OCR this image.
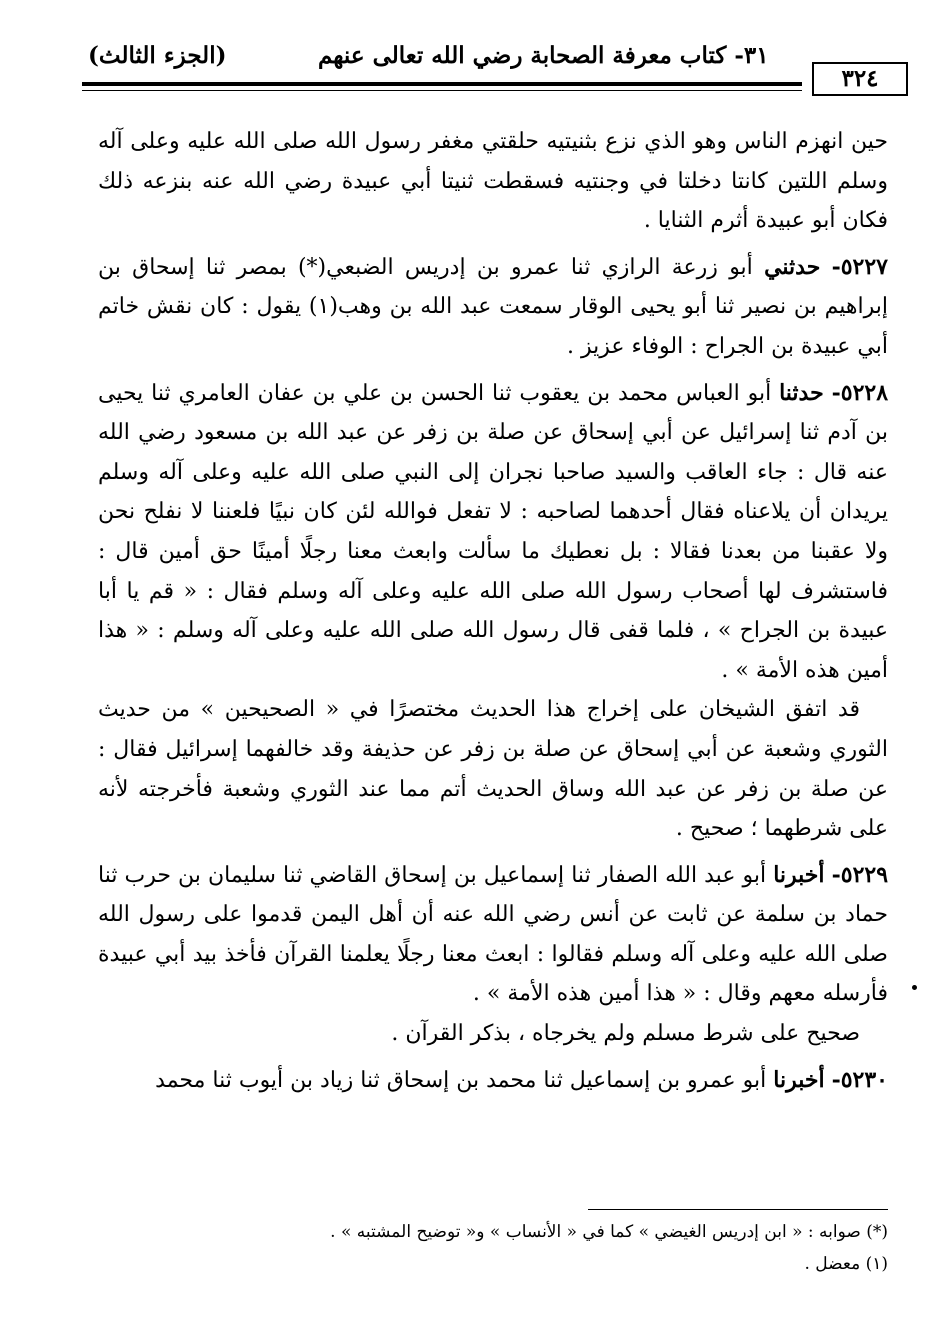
(الجزء الثالث)	٣١- كتاب معرفة الصحابة رضي الله تعالى عنهم
٣٢٤

حين انهزم الناس وهو الذي نزع بثنيتيه حلقتي مغفر رسول الله صلى الله عليه وعلى آله وسلم اللتين كانتا دخلتا في وجنتيه فسقطت ثنيتا أبي عبيدة رضي الله عنه بنزعه ذلك فكان أبو عبيدة أثرم الثنايا .

٥٢٢٧- حدثني أبو زرعة الرازي ثنا عمرو بن إدريس الضبعي(*) بمصر ثنا إسحاق بن إبراهيم بن نصير ثنا أبو يحيى الوقار سمعت عبد الله بن وهب(١) يقول : كان نقش خاتم أبي عبيدة بن الجراح : الوفاء عزيز .

٥٢٢٨- حدثنا أبو العباس محمد بن يعقوب ثنا الحسن بن علي بن عفان العامري ثنا يحيى بن آدم ثنا إسرائيل عن أبي إسحاق عن صلة بن زفر عن عبد الله بن مسعود رضي الله عنه قال : جاء العاقب والسيد صاحبا نجران إلى النبي صلى الله عليه وعلى آله وسلم يريدان أن يلاعناه فقال أحدهما لصاحبه : لا تفعل فوالله لئن كان نبيًا فلعننا لا نفلح نحن ولا عقبنا من بعدنا فقالا : بل نعطيك ما سألت وابعث معنا رجلًا أمينًا حق أمين قال : فاستشرف لها أصحاب رسول الله صلى الله عليه وعلى آله وسلم فقال : « قم يا أبا عبيدة بن الجراح » ، فلما قفى قال رسول الله صلى الله عليه وعلى آله وسلم : « هذا أمين هذه الأمة » .

قد اتفق الشيخان على إخراج هذا الحديث مختصرًا في « الصحيحين » من حديث الثوري وشعبة عن أبي إسحاق عن صلة بن زفر عن حذيفة وقد خالفهما إسرائيل فقال : عن صلة بن زفر عن عبد الله وساق الحديث أتم مما عند الثوري وشعبة فأخرجته لأنه على شرطهما ؛ صحيح .

٥٢٢٩- أخبرنا أبو عبد الله الصفار ثنا إسماعيل بن إسحاق القاضي ثنا سليمان بن حرب ثنا حماد بن سلمة عن ثابت عن أنس رضي الله عنه أن أهل اليمن قدموا على رسول الله صلى الله عليه وعلى آله وسلم فقالوا : ابعث معنا رجلًا يعلمنا القرآن فأخذ بيد أبي عبيدة فأرسله معهم وقال : « هذا أمين هذه الأمة » .

صحيح على شرط مسلم ولم يخرجاه ، بذكر القرآن .

٥٢٣٠- أخبرنا أبو عمرو بن إسماعيل ثنا محمد بن إسحاق ثنا زياد بن أيوب ثنا محمد

(*) صوابه : « ابن إدريس الغيضي » كما في « الأنساب » و« توضيح المشتبه » .

(١) معضل .
